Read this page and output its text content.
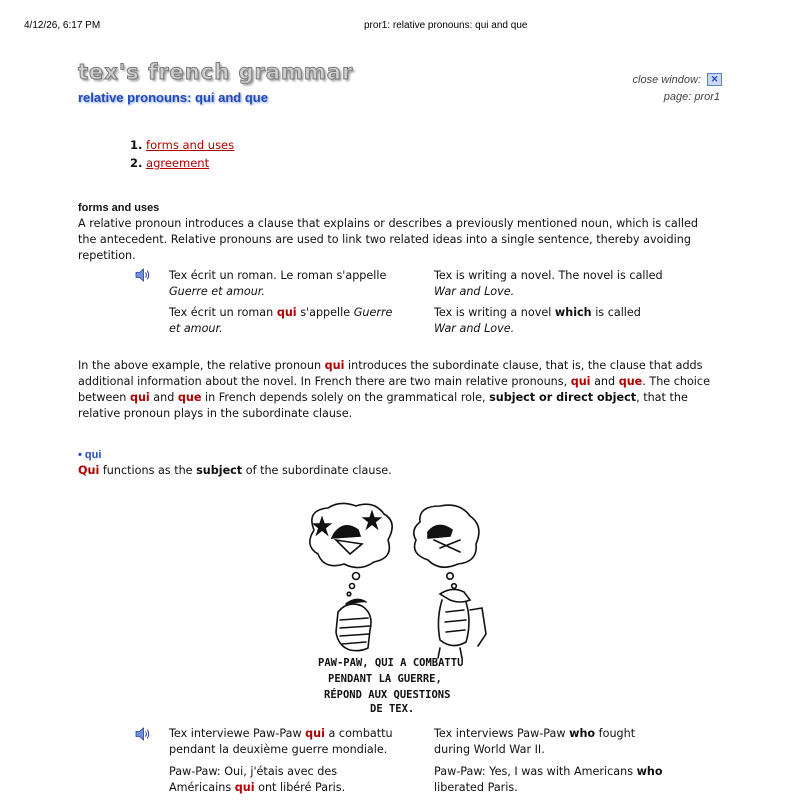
4/12/26, 6:17 PM	pror1: relative pronouns: qui and que
tex's french grammar
relative pronouns: qui and que
close window:	✕
page: pror1
1. forms and uses
2. agreement
forms and uses
A relative pronoun introduces a clause that explains or describes a previously mentioned noun, which is called the antecedent. Relative pronouns are used to link two related ideas into a single sentence, thereby avoiding repetition.
Tex écrit un roman. Le roman s'appelle Guerre et amour.
Tex is writing a novel. The novel is called War and Love.
Tex écrit un roman qui s'appelle Guerre et amour.
Tex is writing a novel which is called War and Love.
In the above example, the relative pronoun qui introduces the subordinate clause, that is, the clause that adds additional information about the novel. In French there are two main relative pronouns, qui and que. The choice between qui and que in French depends solely on the grammatical role, subject or direct object, that the relative pronoun plays in the subordinate clause.
• qui
Qui functions as the subject of the subordinate clause.
PAW-PAW, QUI A COMBATTU
PENDANT LA GUERRE,
RÉPOND AUX QUESTIONS
DE TEX.
Tex interviewe Paw-Paw qui a combattu pendant la deuxième guerre mondiale.
Tex interviews Paw-Paw who fought during World War II.
Paw-Paw: Oui, j'étais avec des Américains qui ont libéré Paris.
Paw-Paw: Yes, I was with Americans who liberated Paris.
